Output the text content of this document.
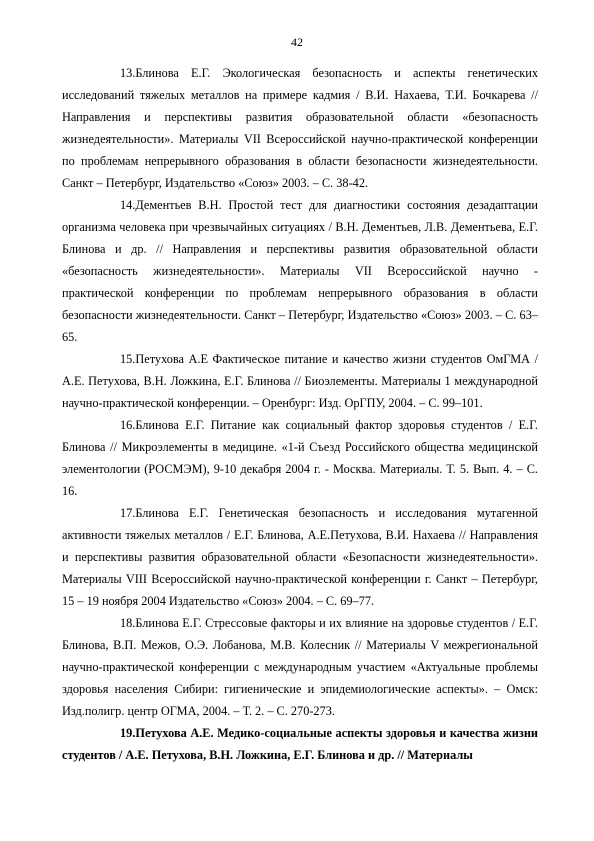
42

13.Блинова Е.Г. Экологическая безопасность и аспекты генетических исследований тяжелых металлов на примере кадмия / В.И. Нахаева, Т.И. Бочкарева // Направления и перспективы развития образовательной области «безопасность жизнедеятельности». Материалы VII Всероссийской научно-практической конференции по проблемам непрерывного образования в области безопасности жизнедеятельности. Санкт – Петербург, Издательство «Союз» 2003. – С. 38-42.

14.Дементьев В.Н. Простой тест для диагностики состояния дезадаптации организма человека при чрезвычайных ситуациях / В.Н. Дементьев, Л.В. Дементьева, Е.Г. Блинова и др. // Направления и перспективы развития образовательной области «безопасность жизнедеятельности». Материалы VII Всероссийской научно - практической конференции по проблемам непрерывного образования в области безопасности жизнедеятельности. Санкт – Петербург, Издательство «Союз» 2003. – С. 63–65.

15.Петухова А.Е Фактическое питание и качество жизни студентов ОмГМА / А.Е. Петухова, В.Н. Ложкина, Е.Г. Блинова // Биоэлементы. Материалы 1 международной научно-практической конференции. – Оренбург: Изд. ОрГПУ, 2004. – С. 99–101.

16.Блинова Е.Г. Питание как социальный фактор здоровья студентов / Е.Г. Блинова // Микроэлементы в медицине. «1-й Съезд Российского общества медицинской элементологии (РОСМЭМ), 9-10 декабря 2004 г. - Москва. Материалы. Т. 5. Вып. 4. – С. 16.

17.Блинова Е.Г. Генетическая безопасность и исследования мутагенной активности тяжелых металлов / Е.Г. Блинова, А.Е.Петухова, В.И. Нахаева // Направления и перспективы развития образовательной области «Безопасности жизнедеятельности». Материалы VIII Всероссийской научно-практической конференции г. Санкт – Петербург, 15 – 19 ноября 2004 Издательство «Союз» 2004. – С. 69–77.

18.Блинова Е.Г. Стрессовые факторы и их влияние на здоровье студентов / Е.Г. Блинова, В.П. Межов, О.Э. Лобанова, М.В. Колесник // Материалы V межрегиональной научно-практической конференции с международным участием «Актуальные проблемы здоровья населения Сибири: гигиенические и эпидемиологические аспекты». – Омск: Изд.полигр. центр ОГМА, 2004. – Т. 2. – С. 270-273.

19.Петухова А.Е. Медико-социальные аспекты здоровья и качества жизни студентов / А.Е. Петухова, В.Н. Ложкина, Е.Г. Блинова и др. // Материалы
